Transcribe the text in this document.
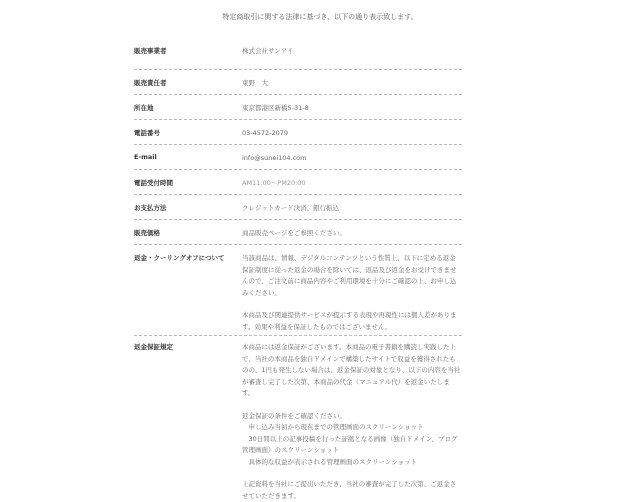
特定商取引に関する法律に基づき、以下の通り表示致します。
販売事業者	株式会社サンアイ

販売責任者	東野　大

所在地	東京都港区新橋5-31-8

電話番号	03-4572-2079

E-mail	info@sunei104.com

電話受付時間	AM11:00〜PM20:00

お支払方法	クレジットカード決済、銀行振込

販売価格	商品販売ページをご参照ください。

返金・クーリングオフについて	当該商品は、情報、デジタルコンテンツという性質上、以下に定める返金保証制度に従った返金の場合を除いては、返品及び返金をお受けできませんので、ご注文前に商品内容やご利用環境を十分にご確認の上、お申し込みください。

本商品及び関連提供サービスが提示する表現や再現性には個人差があります。効果や利益を保証したものではございません。

返金保証規定	本商品には返金保証がございます。本商品の電子書籍を購読し実践した上で、当社の本商品を独自ドメインで構築したサイトで収益を獲得されたものの、1円も発生しない場合は、返金保証の対象となり、以下の内容を当社が審査し完了した次第、本商品の代金（マニュアル代）を返金いたします。

返金保証の条件をご確認ください。

　申し込み当初から現在までの管理画面のスクリーンショット

　30日間以上の記事投稿を行った証拠となる画像（独自ドメイン、ブログ管理画面）のスクリーンショット

　具体的な収益が表示される管理画面のスクリーンショット

上記資料を当社にご提出いただき、当社の審査が完了した次第、ご返金させていただきます。
